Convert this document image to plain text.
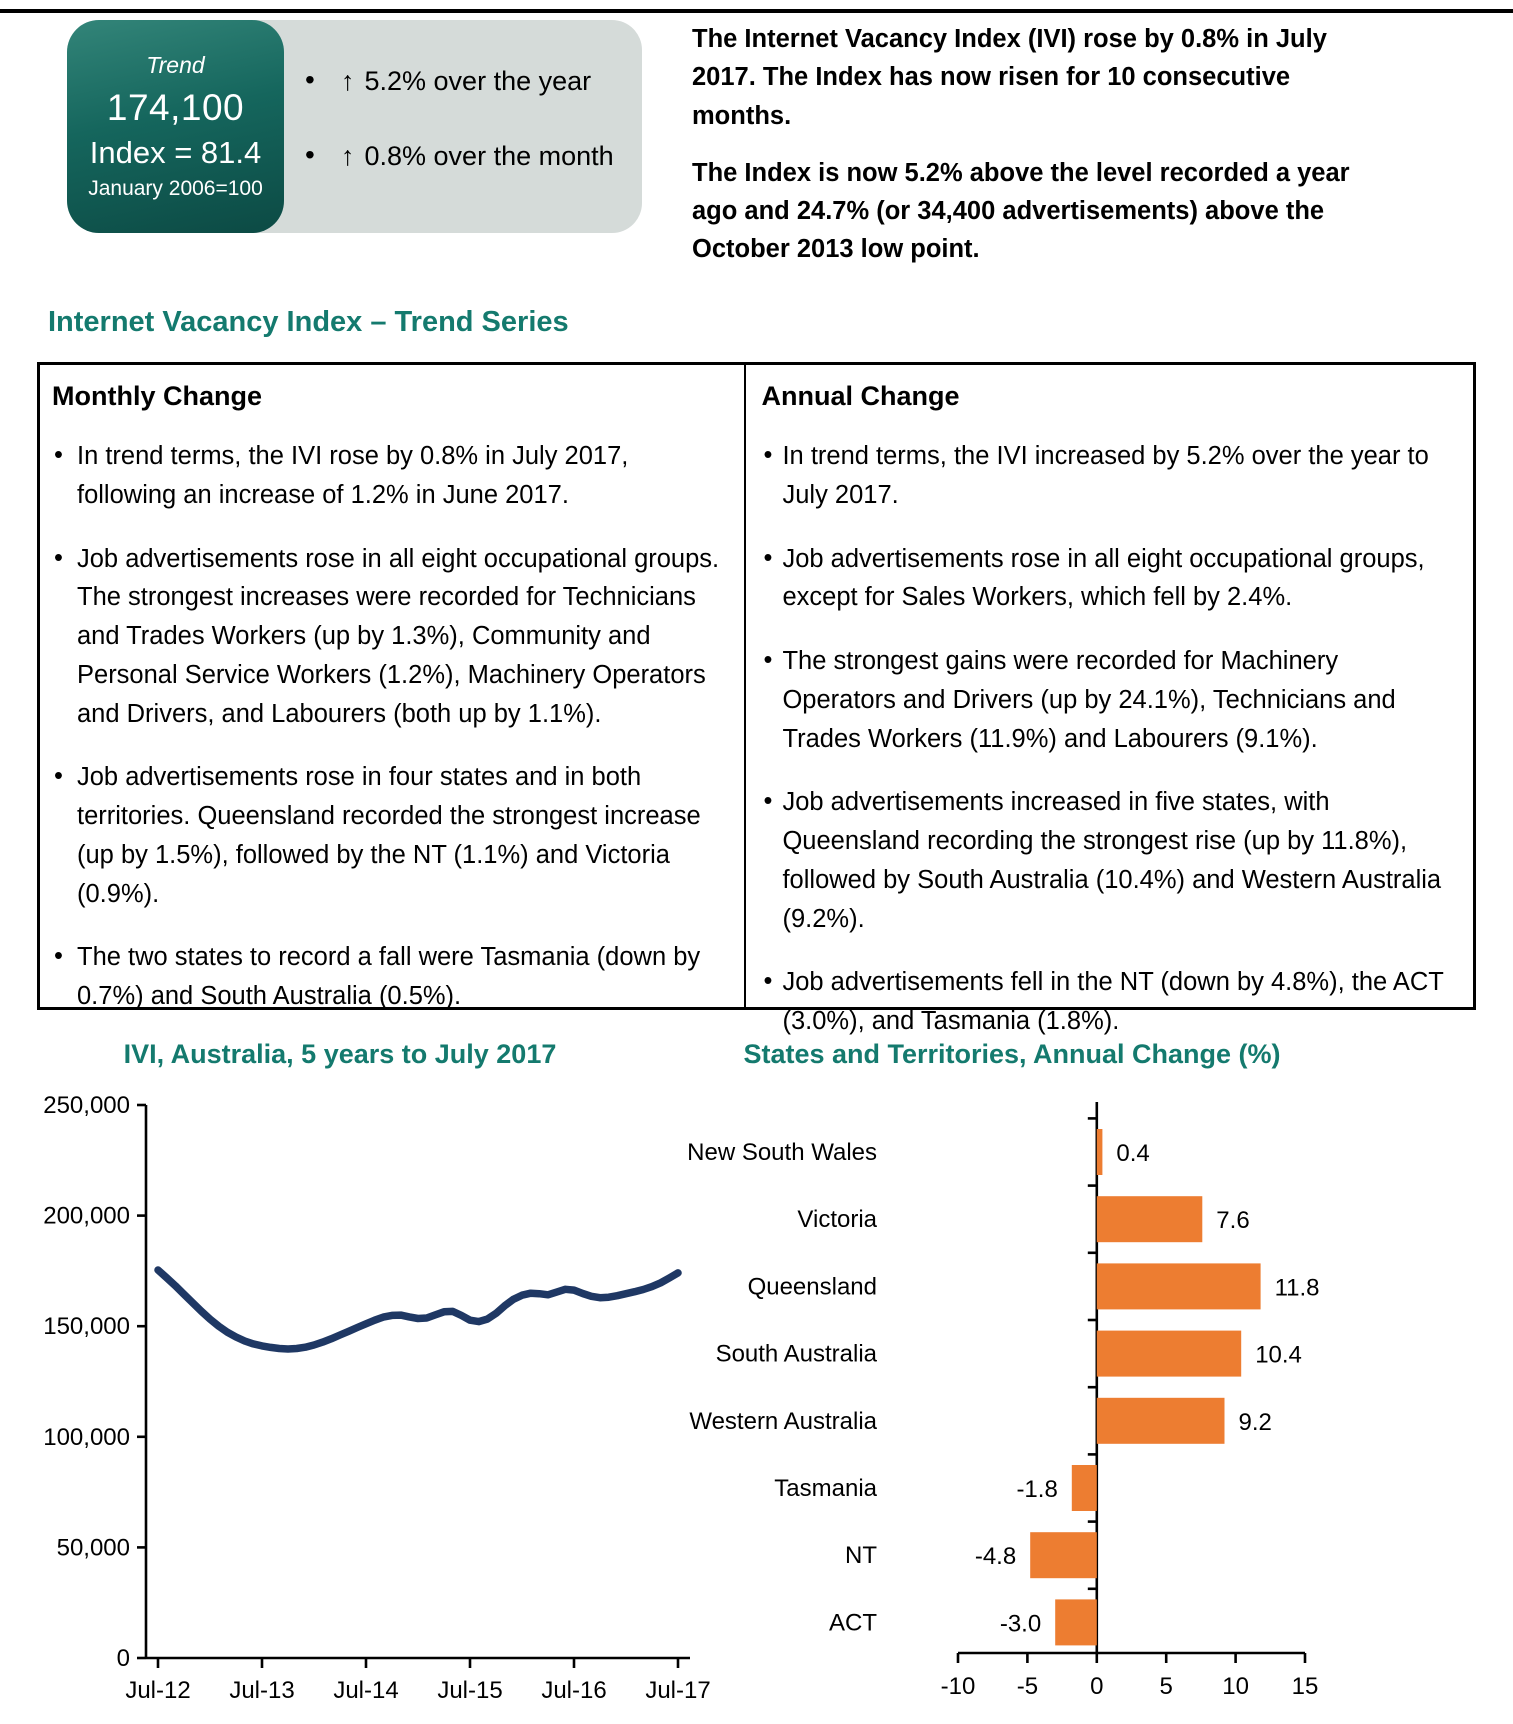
Trend
174,100
Index = 81.4
January 2006=100
• ↑ 5.2% over the year
• ↑ 0.8% over the month

The Internet Vacancy Index (IVI) rose by 0.8% in July 2017. The Index has now risen for 10 consecutive months.

The Index is now 5.2% above the level recorded a year ago and 24.7% (or 34,400 advertisements) above the October 2013 low point.

Internet Vacancy Index – Trend Series
Monthly Change
• In trend terms, the IVI rose by 0.8% in July 2017, following an increase of 1.2% in June 2017.
• Job advertisements rose in all eight occupational groups. The strongest increases were recorded for Technicians and Trades Workers (up by 1.3%), Community and Personal Service Workers (1.2%), Machinery Operators and Drivers, and Labourers (both up by 1.1%).
• Job advertisements rose in four states and in both territories. Queensland recorded the strongest increase (up by 1.5%), followed by the NT (1.1%) and Victoria (0.9%).
• The two states to record a fall were Tasmania (down by 0.7%) and South Australia (0.5%).
Annual Change
• In trend terms, the IVI increased by 5.2% over the year to July 2017.
• Job advertisements rose in all eight occupational groups, except for Sales Workers, which fell by 2.4%.
• The strongest gains were recorded for Machinery Operators and Drivers (up by 24.1%), Technicians and Trades Workers (11.9%) and Labourers (9.1%).
• Job advertisements increased in five states, with Queensland recording the strongest rise (up by 11.8%), followed by South Australia (10.4%) and Western Australia (9.2%).
• Job advertisements fell in the NT (down by 4.8%), the ACT (3.0%), and Tasmania (1.8%).
IVI, Australia, 5 years to July 2017
0
50,000
100,000
150,000
200,000
250,000
Jul-12 Jul-13 Jul-14 Jul-15 Jul-16 Jul-17
States and Territories, Annual Change (%)
-10 -5 0 5 10 15
New South Wales	0.4
Victoria	7.6
Queensland	11.8
South Australia	10.4
Western Australia	9.2
Tasmania	-1.8
NT	-4.8
ACT	-3.0
